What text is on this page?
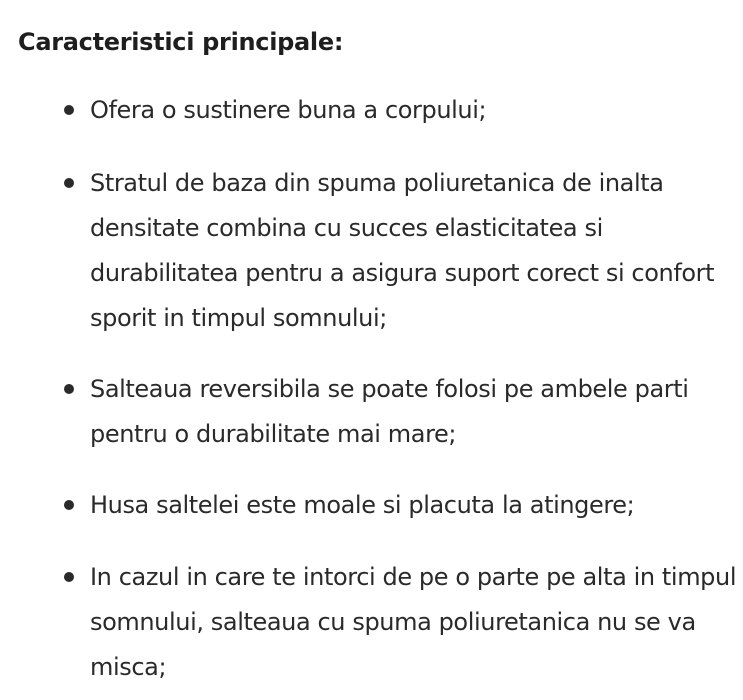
Caracteristici principale:
Ofera o sustinere buna a corpului;
Stratul de baza din spuma poliuretanica de inalta densitate combina cu succes elasticitatea si durabilitatea pentru a asigura suport corect si confort sporit in timpul somnului;
Salteaua reversibila se poate folosi pe ambele parti pentru o durabilitate mai mare;
Husa saltelei este moale si placuta la atingere;
In cazul in care te intorci de pe o parte pe alta in timpul somnului, salteaua cu spuma poliuretanica nu se va misca;
